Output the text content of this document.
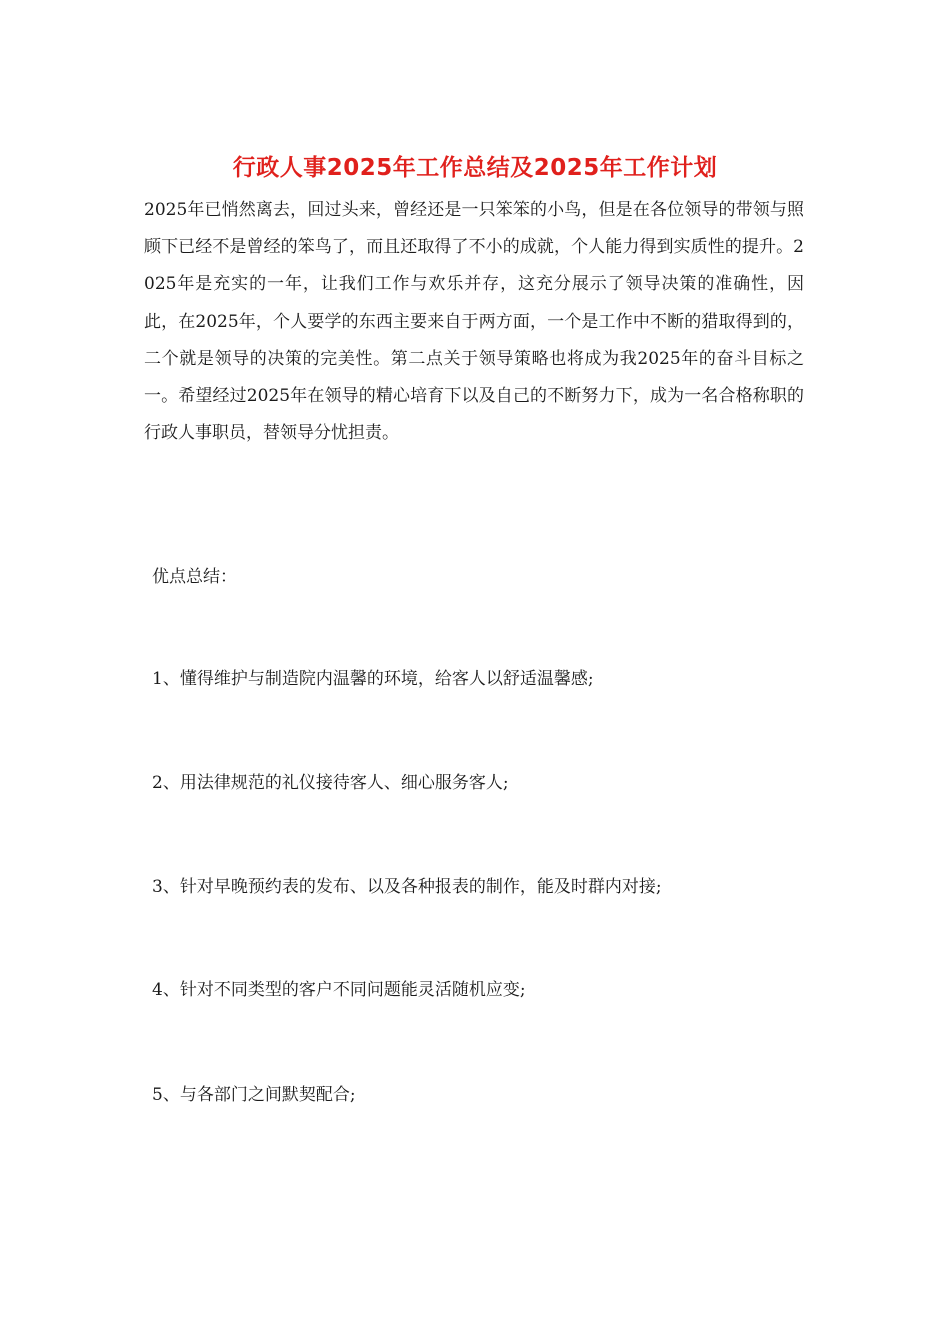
行政人事2025年工作总结及2025年工作计划

2025年已悄然离去，回过头来，曾经还是一只笨笨的小鸟，但是在各位领导的带领与照顾下已经不是曾经的笨鸟了，而且还取得了不小的成就，个人能力得到实质性的提升。2025年是充实的一年，让我们工作与欢乐并存，这充分展示了领导决策的准确性，因此，在2025年，个人要学的东西主要来自于两方面，一个是工作中不断的猎取得到的，二个就是领导的决策的完美性。第二点关于领导策略也将成为我2025年的奋斗目标之一。希望经过2025年在领导的精心培育下以及自己的不断努力下，成为一名合格称职的行政人事职员，替领导分忧担责。

优点总结：

1、懂得维护与制造院内温馨的环境，给客人以舒适温馨感;

2、用法律规范的礼仪接待客人、细心服务客人;

3、针对早晚预约表的发布、以及各种报表的制作，能及时群内对接;

4、针对不同类型的客户不同问题能灵活随机应变;

5、与各部门之间默契配合;
